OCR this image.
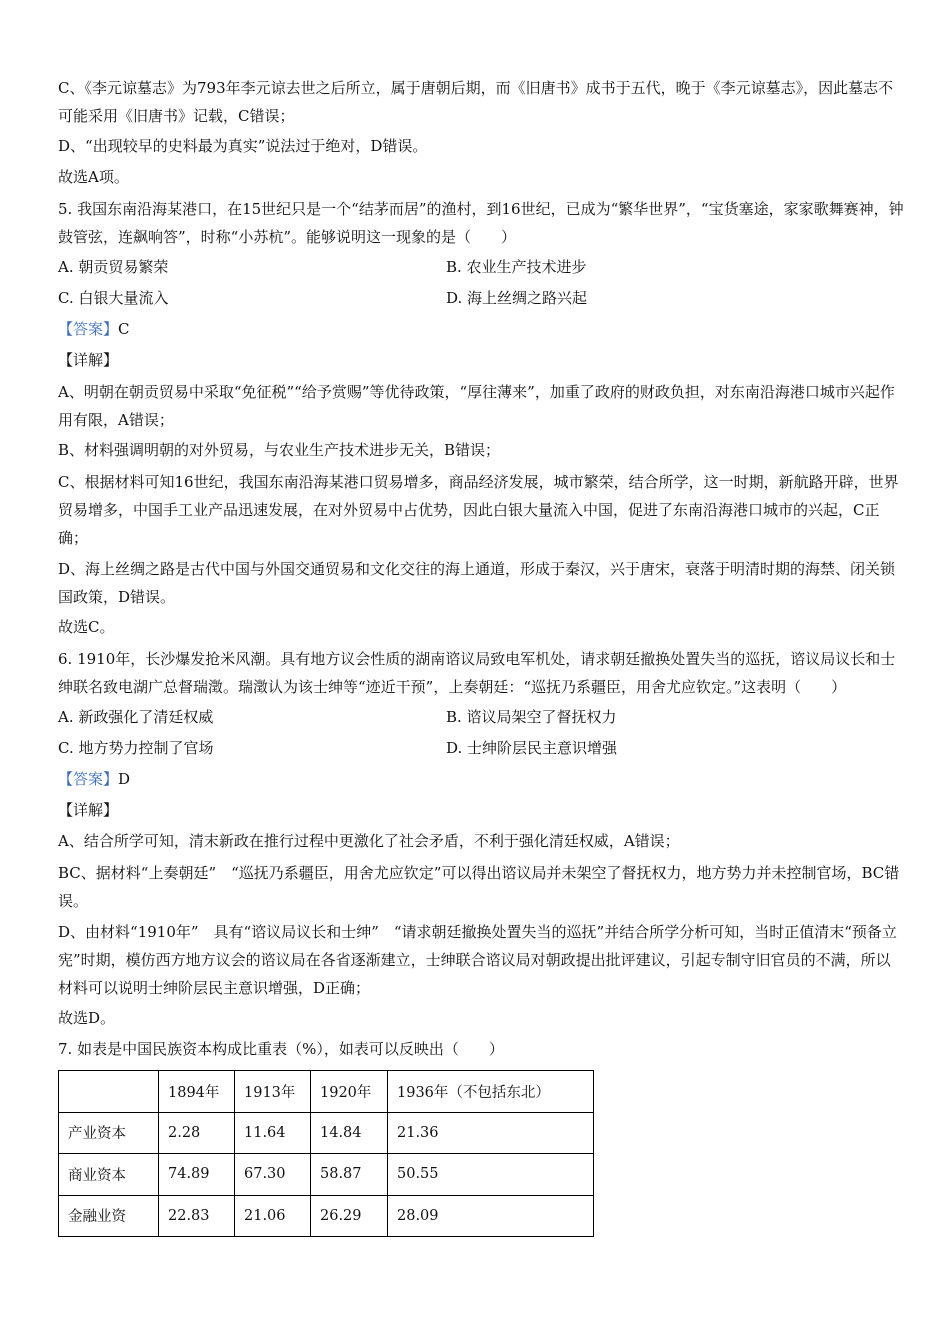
C、《李元谅墓志》为793年李元谅去世之后所立，属于唐朝后期，而《旧唐书》成书于五代，晚于《李元谅墓志》，因此墓志不可能采用《旧唐书》记载，C错误；

D、“出现较早的史料最为真实”说法过于绝对，D错误。

故选A项。

5. 我国东南沿海某港口，在15世纪只是一个“结茅而居”的渔村，到16世纪，已成为“繁华世界”，“宝货塞途，家家歌舞赛神，钟鼓管弦，连飙响答”，时称“小苏杭”。能够说明这一现象的是（　　）

A. 朝贡贸易繁荣	B. 农业生产技术进步
C. 白银大量流入	D. 海上丝绸之路兴起

【答案】C

【详解】

A、明朝在朝贡贸易中采取“免征税”“给予赏赐”等优待政策，“厚往薄来”，加重了政府的财政负担，对东南沿海港口城市兴起作用有限，A错误；

B、材料强调明朝的对外贸易，与农业生产技术进步无关，B错误；

C、根据材料可知16世纪，我国东南沿海某港口贸易增多，商品经济发展，城市繁荣，结合所学，这一时期，新航路开辟，世界贸易增多，中国手工业产品迅速发展，在对外贸易中占优势，因此白银大量流入中国，促进了东南沿海港口城市的兴起，C正确；

D、海上丝绸之路是古代中国与外国交通贸易和文化交往的海上通道，形成于秦汉，兴于唐宋，衰落于明清时期的海禁、闭关锁国政策，D错误。

故选C。

6. 1910年，长沙爆发抢米风潮。具有地方议会性质的湖南谘议局致电军机处，请求朝廷撤换处置失当的巡抚，谘议局议长和士绅联名致电湖广总督瑞澂。瑞澂认为该士绅等“迹近干预”，上奏朝廷：“巡抚乃系疆臣，用舍尤应钦定。”这表明（　　）

A. 新政强化了清廷权威	B. 谘议局架空了督抚权力
C. 地方势力控制了官场	D. 士绅阶层民主意识增强

【答案】D

【详解】

A、结合所学可知，清末新政在推行过程中更激化了社会矛盾，不利于强化清廷权威，A错误；

BC、据材料“上奏朝廷”　“巡抚乃系疆臣，用舍尤应钦定”可以得出谘议局并未架空了督抚权力，地方势力并未控制官场，BC错误。

D、由材料“1910年”　具有“谘议局议长和士绅”　“请求朝廷撤换处置失当的巡抚”并结合所学分析可知，当时正值清末“预备立宪”时期，模仿西方地方议会的谘议局在各省逐渐建立，士绅联合谘议局对朝政提出批评建议，引起专制守旧官员的不满，所以材料可以说明士绅阶层民主意识增强，D正确；

故选D。

7. 如表是中国民族资本构成比重表（%），如表可以反映出（　　）

	1894年	1913年	1920年	1936年（不包括东北）
产业资本	2.28	11.64	14.84	21.36
商业资本	74.89	67.30	58.87	50.55
金融业资	22.83	21.06	26.29	28.09
